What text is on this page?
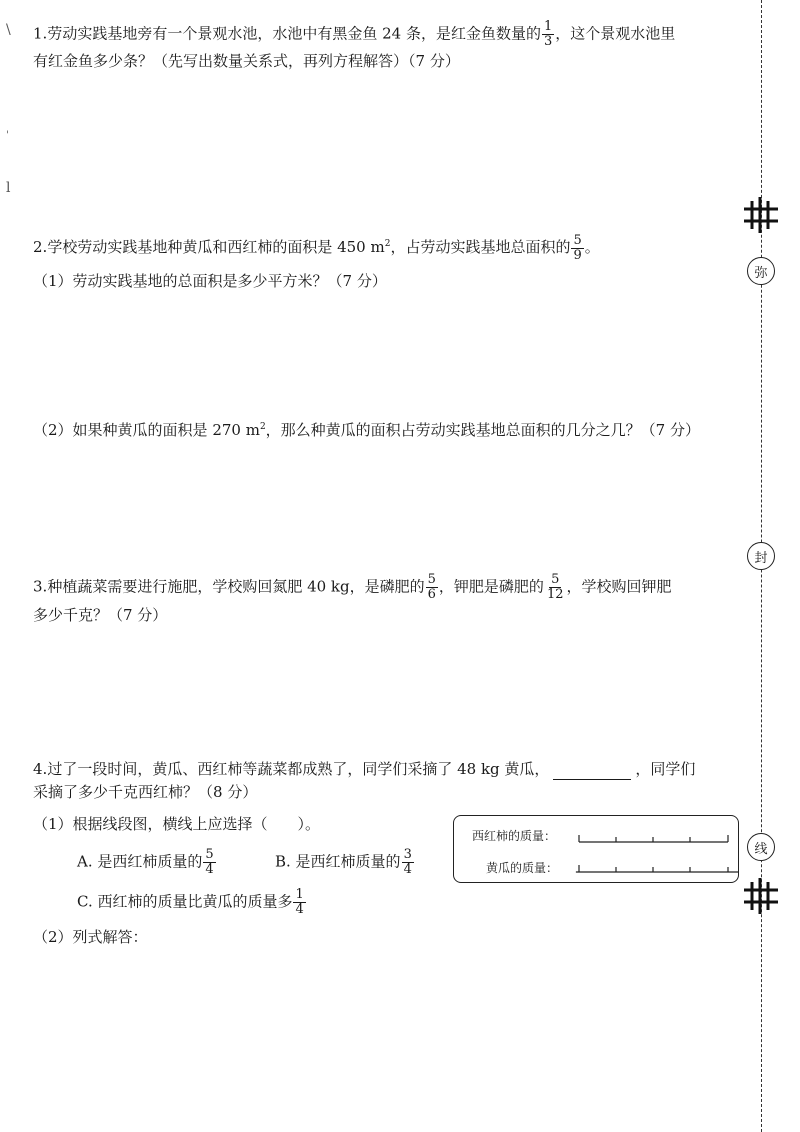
弥
封
线
\
'
l
1.劳动实践基地旁有一个景观水池，水池中有黑金鱼 24 条，是红金鱼数量的 $\frac{1}{3}$ ，这个景观水池里
有红金鱼多少条？（先写出数量关系式，再列方程解答）（7 分）
2.学校劳动实践基地种黄瓜和西红柿的面积是 450 $m^2$，占劳动实践基地总面积的 $\frac{5}{9}$ 。
（1）劳动实践基地的总面积是多少平方米？（7 分）
（2）如果种黄瓜的面积是 270 $m^2$，那么种黄瓜的面积占劳动实践基地总面积的几分之几？（7 分）
3.种植蔬菜需要进行施肥，学校购回氮肥 40 kg，是磷肥的 $\frac{5}{6}$ ，钾肥是磷肥的 $\frac{5}{12}$ ，学校购回钾肥
多少千克？（7 分）
4.过了一段时间，黄瓜、西红柿等蔬菜都成熟了，同学们采摘了 48 kg 黄瓜，	，同学们
采摘了多少千克西红柿？（8 分）
（1）根据线段图，横线上应选择（　　）。
A. 是西红柿质量的 $\frac{5}{4}$	B. 是西红柿质量的 $\frac{3}{4}$
C. 西红柿的质量比黄瓜的质量多 $\frac{1}{4}$
（2）列式解答：
西红柿的质量：
黄瓜的质量：
